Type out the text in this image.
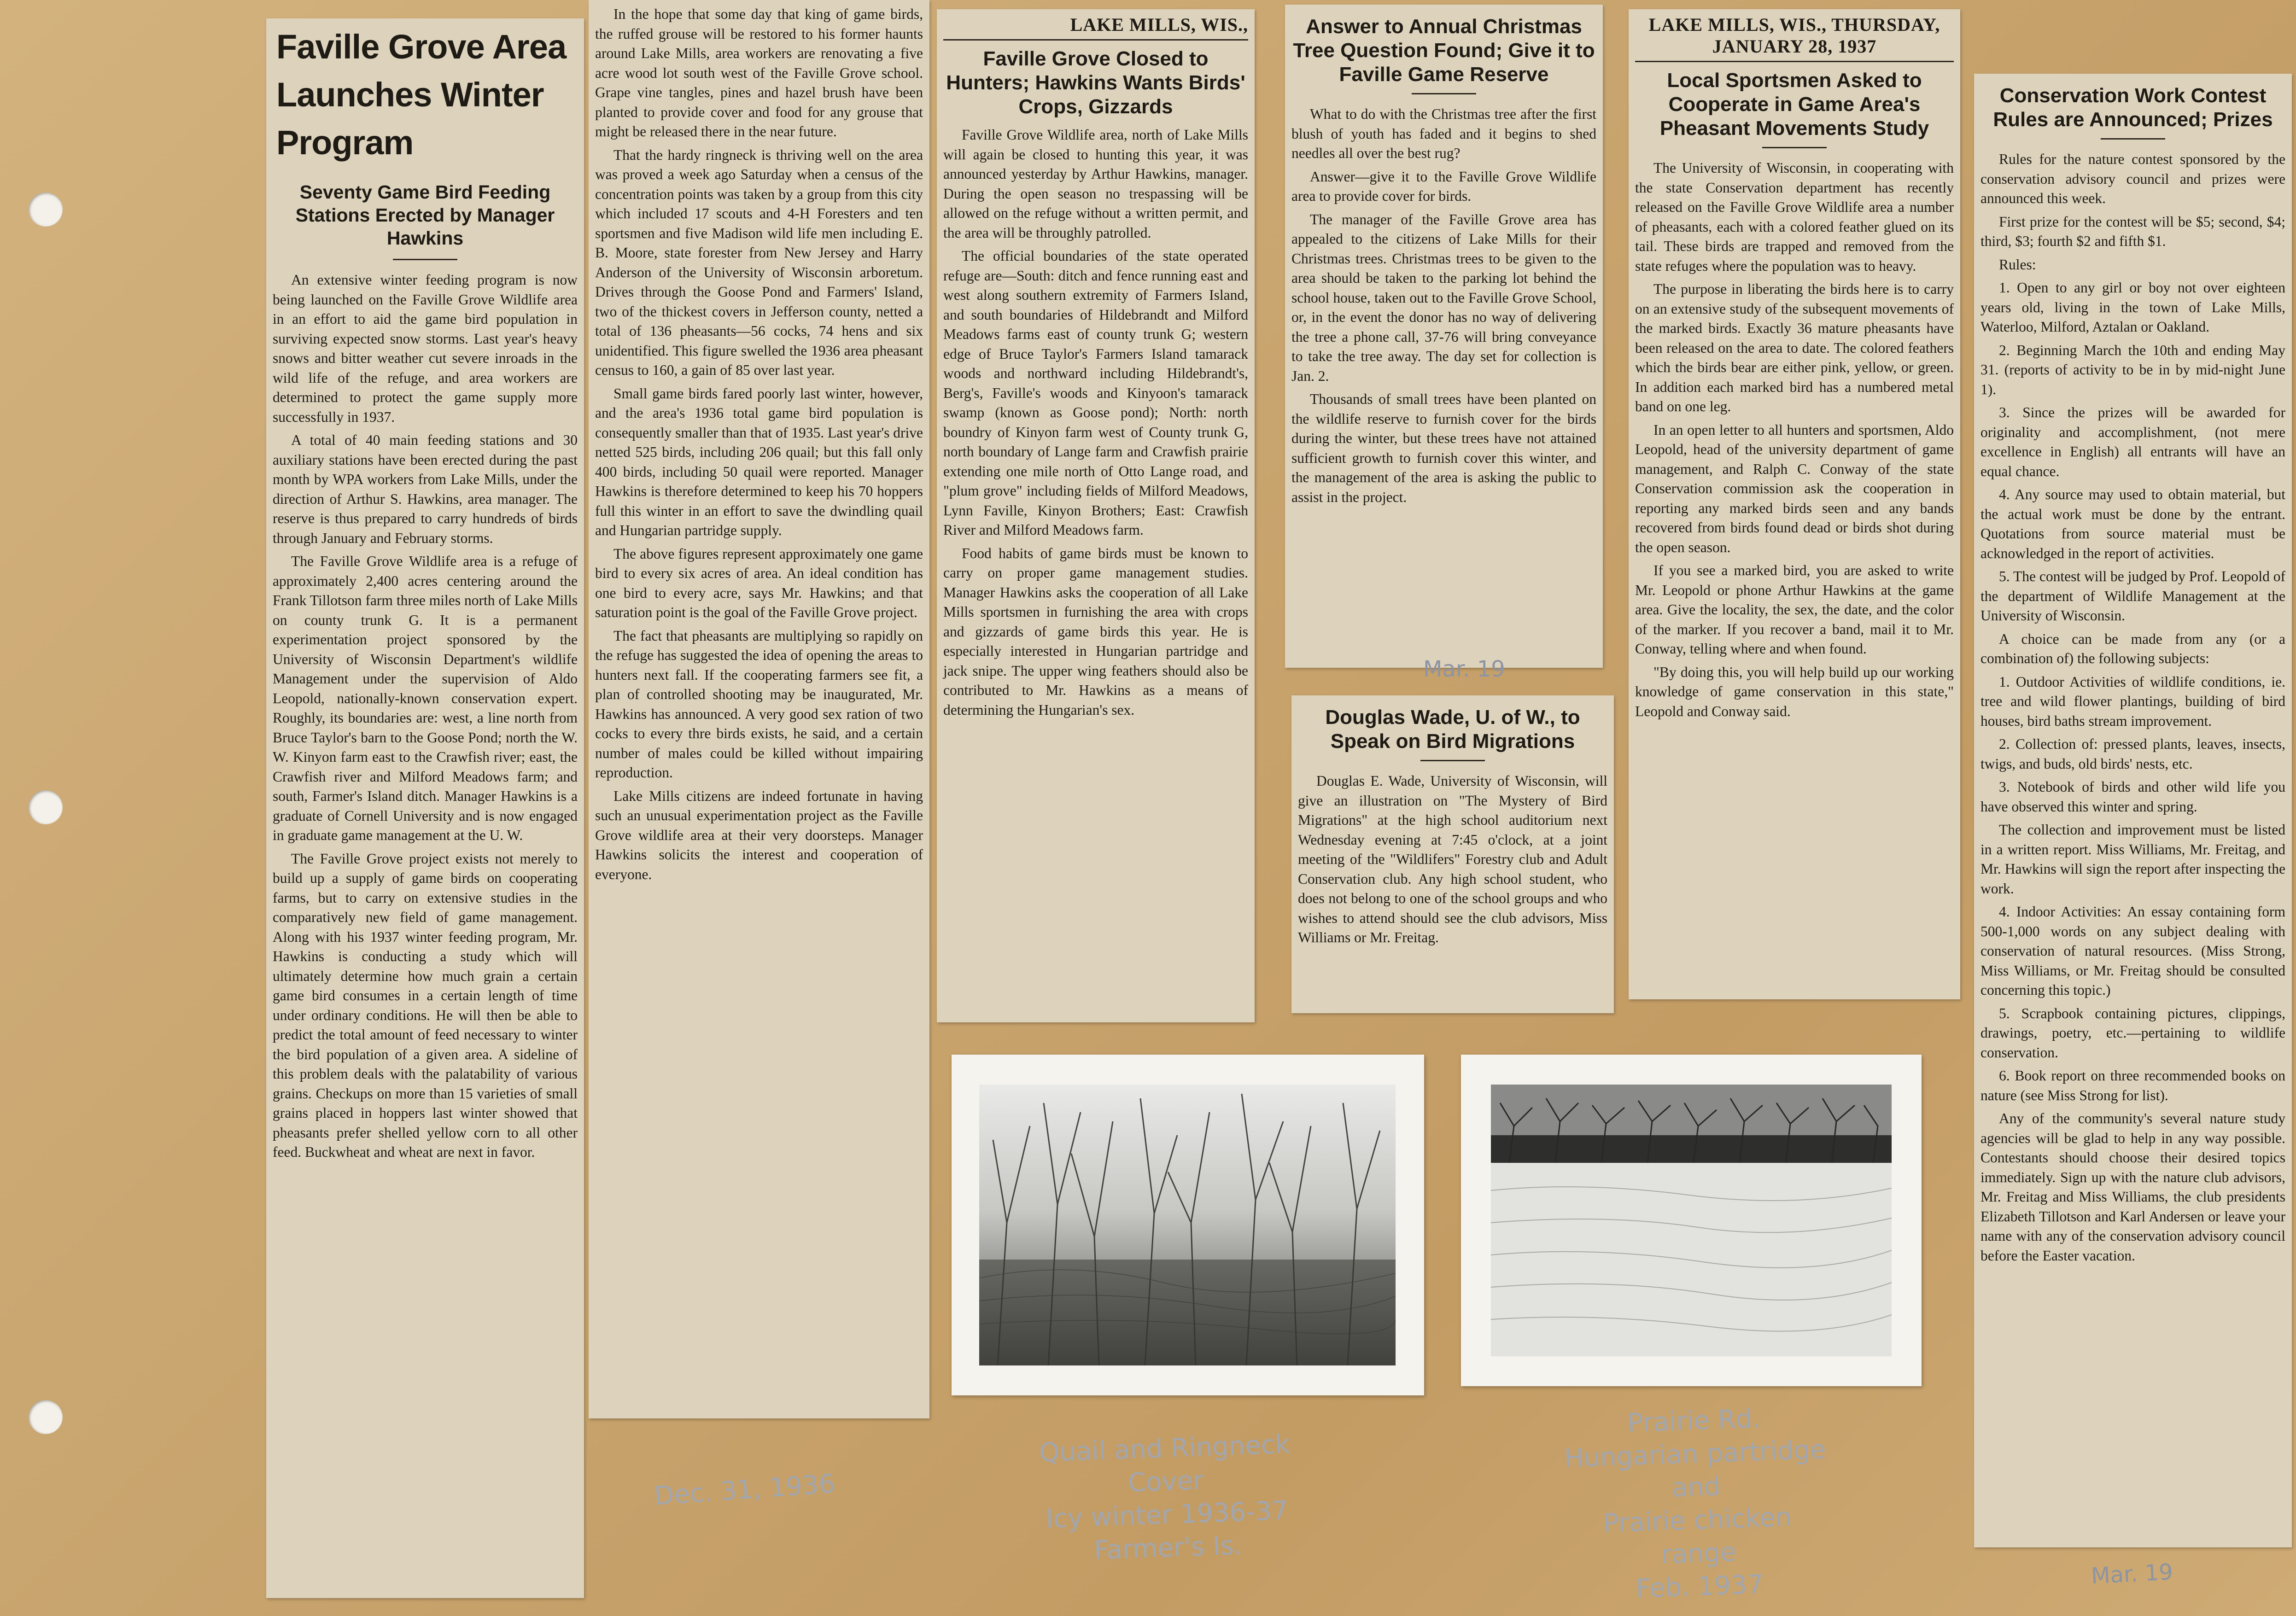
Faville Grove Area Launches Winter Program
Seventy Game Bird Feeding Stations Erected by Manager Hawkins

An extensive winter feeding program is now being launched on the Faville Grove Wildlife area in an effort to aid the game bird population in surviving expected snow storms. Last year's heavy snows and bitter weather cut severe inroads in the wild life of the refuge, and area workers are determined to protect the game supply more successfully in 1937.

A total of 40 main feeding stations and 30 auxiliary stations have been erected during the past month by WPA workers from Lake Mills, under the direction of Arthur S. Hawkins, area manager. The reserve is thus prepared to carry hundreds of birds through January and February storms.

The Faville Grove Wildlife area is a refuge of approximately 2,400 acres centering around the Frank Tillotson farm three miles north of Lake Mills on county trunk G. It is a permanent experimentation project sponsored by the University of Wisconsin Department's wildlife Management under the supervision of Aldo Leopold, nationally-known conservation expert. Roughly, its boundaries are: west, a line north from Bruce Taylor's barn to the Goose Pond; north the W. W. Kinyon farm east to the Crawfish river; east, the Crawfish river and Milford Meadows farm; and south, Farmer's Island ditch. Manager Hawkins is a graduate of Cornell University and is now engaged in graduate game management at the U. W.

The Faville Grove project exists not merely to build up a supply of game birds on cooperating farms, but to carry on extensive studies in the comparatively new field of game management. Along with his 1937 winter feeding program, Mr. Hawkins is conducting a study which will ultimately determine how much grain a certain game bird consumes in a certain length of time under ordinary conditions. He will then be able to predict the total amount of feed necessary to winter the bird population of a given area. A sideline of this problem deals with the palatability of various grains. Checkups on more than 15 varieties of small grains placed in hoppers last winter showed that pheasants prefer shelled yellow corn to all other feed. Buckwheat and wheat are next in favor.

In the hope that some day that king of game birds, the ruffed grouse will be restored to his former haunts around Lake Mills, area workers are renovating a five acre wood lot south west of the Faville Grove school. Grape vine tangles, pines and hazel brush have been planted to provide cover and food for any grouse that might be released there in the near future.

That the hardy ringneck is thriving well on the area was proved a week ago Saturday when a census of the concentration points was taken by a group from this city which included 17 scouts and 4-H Foresters and ten sportsmen and five Madison wild life men including E. B. Moore, state forester from New Jersey and Harry Anderson of the University of Wisconsin arboretum. Drives through the Goose Pond and Farmers' Island, two of the thickest covers in Jefferson county, netted a total of 136 pheasants—56 cocks, 74 hens and six unidentified. This figure swelled the 1936 area pheasant census to 160, a gain of 85 over last year.

Small game birds fared poorly last winter, however, and the area's 1936 total game bird population is consequently smaller than that of 1935. Last year's drive netted 525 birds, including 206 quail; but this fall only 400 birds, including 50 quail were reported. Manager Hawkins is therefore determined to keep his 70 hoppers full this winter in an effort to save the dwindling quail and Hungarian partridge supply.

The above figures represent approximately one game bird to every six acres of area. An ideal condition has one bird to every acre, says Mr. Hawkins; and that saturation point is the goal of the Faville Grove project.

The fact that pheasants are multiplying so rapidly on the refuge has suggested the idea of opening the areas to hunters next fall. If the cooperating farmers see fit, a plan of controlled shooting may be inaugurated, Mr. Hawkins has announced. A very good sex ration of two cocks to every thre birds exists, he said, and a certain number of males could be killed without impairing reproduction.

Lake Mills citizens are indeed fortunate in having such an unusual experimentation project as the Faville Grove wildlife area at their very doorsteps. Manager Hawkins solicits the interest and cooperation of everyone.

LAKE MILLS, WIS.,
Faville Grove Closed to Hunters; Hawkins Wants Birds' Crops, Gizzards

Faville Grove Wildlife area, north of Lake Mills will again be closed to hunting this year, it was announced yesterday by Arthur Hawkins, manager. During the open season no trespassing will be allowed on the refuge without a written permit, and the area will be throughly patrolled.

The official boundaries of the state operated refuge are—South: ditch and fence running east and west along southern extremity of Farmers Island, and south boundaries of Hildebrandt and Milford Meadows farms east of county trunk G; western edge of Bruce Taylor's Farmers Island tamarack woods and northward including Hildebrandt's, Berg's, Faville's woods and Kinyoon's tamarack swamp (known as Goose pond); North: north boundry of Kinyon farm west of County trunk G, north boundary of Lange farm and Crawfish prairie extending one mile north of Otto Lange road, and "plum grove" including fields of Milford Meadows, Lynn Faville, Kinyon Brothers; East: Crawfish River and Milford Meadows farm.

Food habits of game birds must be known to carry on proper game management studies. Manager Hawkins asks the cooperation of all Lake Mills sportsmen in furnishing the area with crops and gizzards of game birds this year. He is especially interested in Hungarian partridge and jack snipe. The upper wing feathers should also be contributed to Mr. Hawkins as a means of determining the Hungarian's sex.

Answer to Annual Christmas Tree Question Found; Give it to Faville Game Reserve

What to do with the Christmas tree after the first blush of youth has faded and it begins to shed needles all over the best rug?

Answer—give it to the Faville Grove Wildlife area to provide cover for birds.

The manager of the Faville Grove area has appealed to the citizens of Lake Mills for their Christmas trees. Christmas trees to be given to the area should be taken to the parking lot behind the school house, taken out to the Faville Grove School, or, in the event the donor has no way of delivering the tree a phone call, 37-76 will bring conveyance to take the tree away. The day set for collection is Jan. 2.

Thousands of small trees have been planted on the wildlife reserve to furnish cover for the birds during the winter, but these trees have not attained sufficient growth to furnish cover this winter, and the management of the area is asking the public to assist in the project.

Douglas Wade, U. of W., to Speak on Bird Migrations

Douglas E. Wade, University of Wisconsin, will give an illustration on "The Mystery of Bird Migrations" at the high school auditorium next Wednesday evening at 7:45 o'clock, at a joint meeting of the "Wildlifers" Forestry club and Adult Conservation club. Any high school student, who does not belong to one of the school groups and who wishes to attend should see the club advisors, Miss Williams or Mr. Freitag.

LAKE MILLS, WIS., THURSDAY, JANUARY 28, 1937
Local Sportsmen Asked to Cooperate in Game Area's Pheasant Movements Study

The University of Wisconsin, in cooperating with the state Conservation department has recently released on the Faville Grove Wildlife area a number of pheasants, each with a colored feather glued on its tail. These birds are trapped and removed from the state refuges where the population was to heavy.

The purpose in liberating the birds here is to carry on an extensive study of the subsequent movements of the marked birds. Exactly 36 mature pheasants have been released on the area to date. The colored feathers which the birds bear are either pink, yellow, or green. In addition each marked bird has a numbered metal band on one leg.

In an open letter to all hunters and sportsmen, Aldo Leopold, head of the university department of game management, and Ralph C. Conway of the state Conservation commission ask the cooperation in reporting any marked birds seen and any bands recovered from birds found dead or birds shot during the open season.

If you see a marked bird, you are asked to write Mr. Leopold or phone Arthur Hawkins at the game area. Give the locality, the sex, the date, and the color of the marker. If you recover a band, mail it to Mr. Conway, telling where and when found.

"By doing this, you will help build up our working knowledge of game conservation in this state," Leopold and Conway said.

Conservation Work Contest Rules are Announced; Prizes

Rules for the nature contest sponsored by the conservation advisory council and prizes were announced this week.

First prize for the contest will be $5; second, $4; third, $3; fourth $2 and fifth $1.

Rules:

1. Open to any girl or boy not over eighteen years old, living in the town of Lake Mills, Waterloo, Milford, Aztalan or Oakland.

2. Beginning March the 10th and ending May 31. (reports of activity to be in by mid-night June 1).

3. Since the prizes will be awarded for originality and accomplishment, (not mere excellence in English) all entrants will have an equal chance.

4. Any source may used to obtain material, but the actual work must be done by the entrant. Quotations from source material must be acknowledged in the report of activities.

5. The contest will be judged by Prof. Leopold of the department of Wildlife Management at the University of Wisconsin.

A choice can be made from any (or a combination of) the following subjects:

1. Outdoor Activities of wildlife conditions, ie. tree and wild flower plantings, building of bird houses, bird baths stream improvement.

2. Collection of: pressed plants, leaves, insects, twigs, and buds, old birds' nests, etc.

3. Notebook of birds and other wild life you have observed this winter and spring.

The collection and improvement must be listed in a written report. Miss Williams, Mr. Freitag, and Mr. Hawkins will sign the report after inspecting the work.

4. Indoor Activities: An essay containing form 500-1,000 words on any subject dealing with conservation of natural resources. (Miss Strong, Miss Williams, or Mr. Freitag should be consulted concerning this topic.)

5. Scrapbook containing pictures, clippings, drawings, poetry, etc.—pertaining to wildlife conservation.

6. Book report on three recommended books on nature (see Miss Strong for list).

Any of the community's several nature study agencies will be glad to help in any way possible. Contestants should choose their desired topics immediately. Sign up with the nature club advisors, Mr. Freitag and Miss Williams, the club presidents Elizabeth Tillotson and Karl Andersen or leave your name with any of the conservation advisory council before the Easter vacation.

Dec. 31, 1936
Quail and Ringneck
Cover
Icy winter 1936-37
Farmer's Is.
Prairie Rd.
Hungarian partridge
and
Prairie chicken
range
Feb. 1937
Mar. 19
Mar. 19
